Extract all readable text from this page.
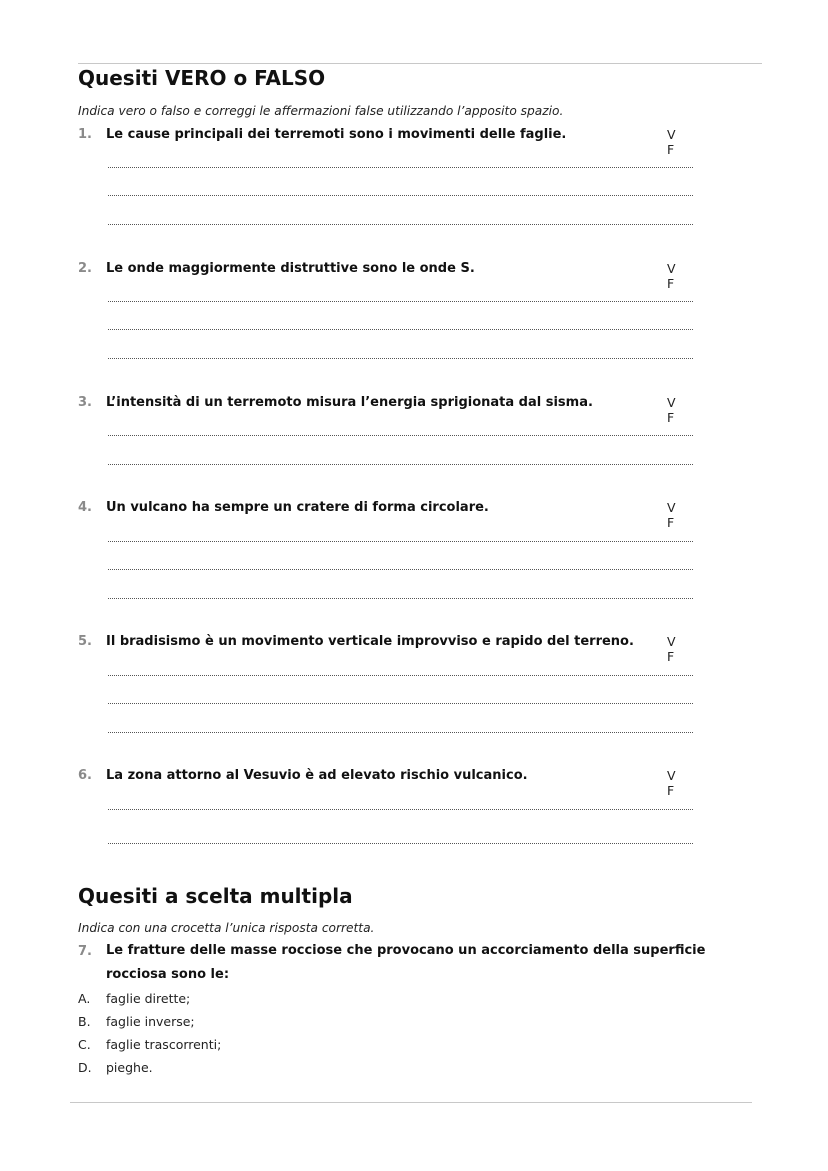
Quesiti VERO o FALSO

Indica vero o falso e correggi le affermazioni false utilizzando l’apposito spazio.

1. Le cause principali dei terremoti sono i movimenti delle faglie.	VF
2. Le onde maggiormente distruttive sono le onde S.	VF
3. L’intensità di un terremoto misura l’energia sprigionata dal sisma.	VF
4. Un vulcano ha sempre un cratere di forma circolare.	VF
5. Il bradisismo è un movimento verticale improvviso e rapido del terreno.	VF
6. La zona attorno al Vesuvio è ad elevato rischio vulcanico.	VF
Quesiti a scelta multipla

Indica con una crocetta l’unica risposta corretta.

7. Le fratture delle masse rocciose che provocano un accorciamento della superficie rocciosa sono le:
A. faglie dirette;
B. faglie inverse;
C. faglie trascorrenti;
D. pieghe.
